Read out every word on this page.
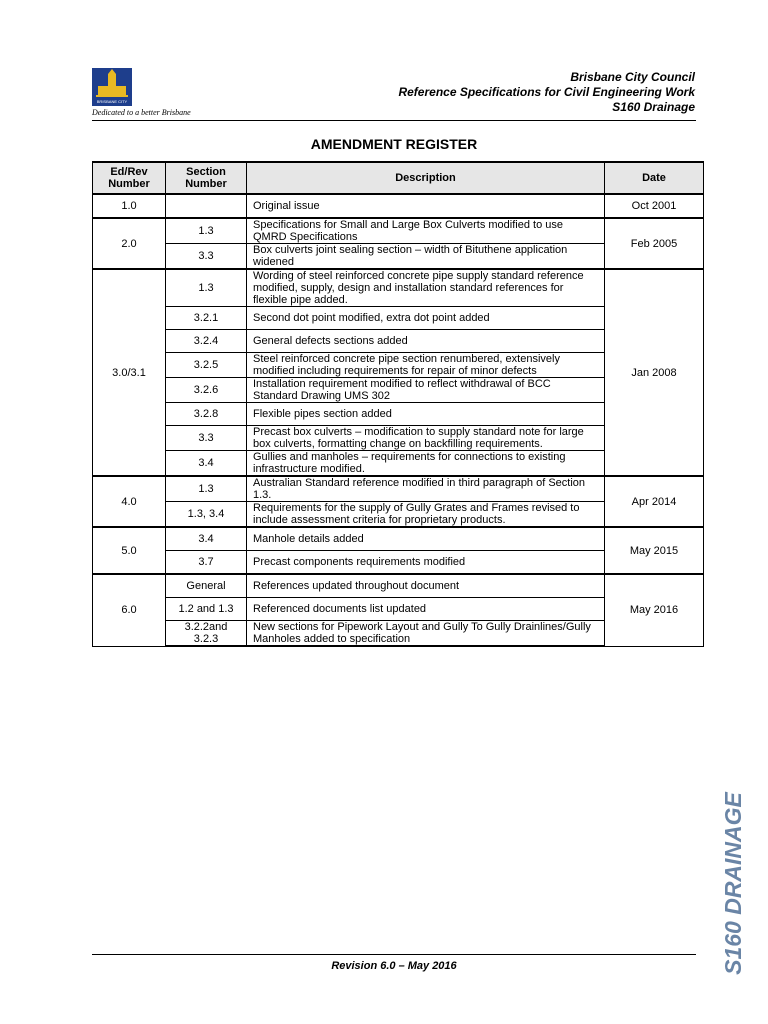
BRISBANE CITY
Dedicated to a better Brisbane
Brisbane City Council
Reference Specifications for Civil Engineering Work
S160 Drainage
AMENDMENT REGISTER
Ed/Rev Number	Section Number	Description	Date
1.0		Original issue	Oct 2001
2.0	1.3	Specifications for Small and Large Box Culverts modified to use QMRD Specifications	Feb 2005
	3.3	Box culverts joint sealing section – width of Bituthene application widened	
3.0/3.1	1.3	Wording of steel reinforced concrete pipe supply standard reference modified, supply, design and installation standard references for flexible pipe added.	Jan 2008
	3.2.1	Second dot point modified, extra dot point added	
	3.2.4	General defects sections added	
	3.2.5	Steel reinforced concrete pipe section renumbered, extensively modified including requirements for repair of minor defects	
	3.2.6	Installation requirement modified to reflect withdrawal of BCC Standard Drawing UMS 302	
	3.2.8	Flexible pipes section added	
	3.3	Precast box culverts – modification to supply standard note for large box culverts, formatting change on backfilling requirements.	
	3.4	Gullies and manholes – requirements for connections to existing infrastructure modified.	
4.0	1.3	Australian Standard reference modified in third paragraph of Section 1.3.	Apr 2014
	1.3, 3.4	Requirements for the supply of Gully Grates and Frames revised to include assessment criteria for proprietary products.	
5.0	3.4	Manhole details added	May 2015
	3.7	Precast components requirements modified	
6.0	General	References updated throughout document	May 2016
	1.2 and 1.3	Referenced documents list updated	
	3.2.2and 3.2.3	New sections for Pipework Layout and Gully To Gully Drainlines/Gully Manholes added to specification	
Revision 6.0 – May 2016	S160 DRAINAGE
